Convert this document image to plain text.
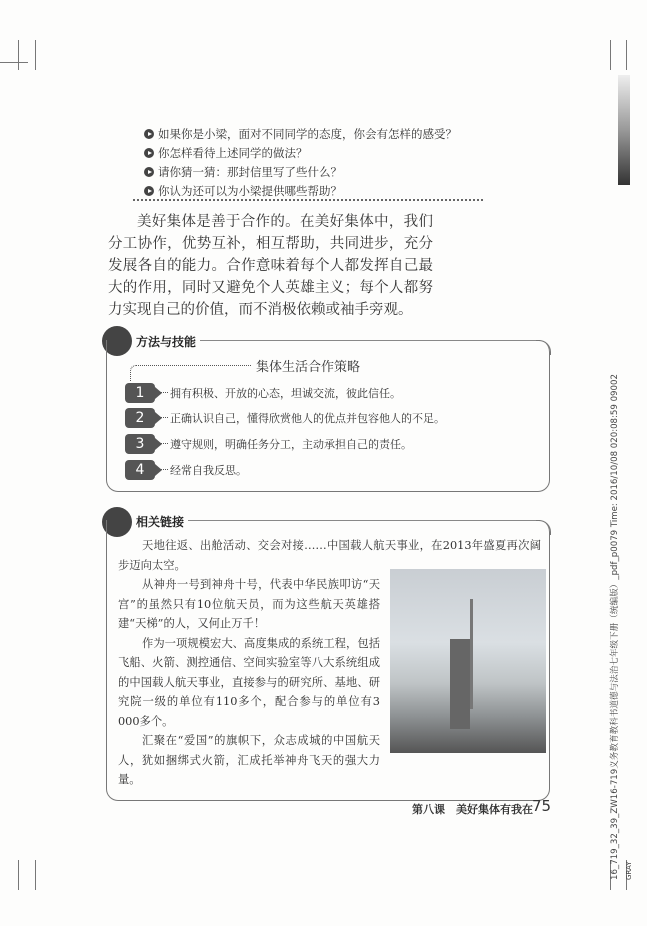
如果你是小梁，面对不同同学的态度，你会有怎样的感受？
你怎样看待上述同学的做法？
请你猜一猜：那封信里写了些什么？
你认为还可以为小梁提供哪些帮助？
美好集体是善于合作的。在美好集体中，我们分工协作，优势互补，相互帮助，共同进步，充分发展各自的能力。合作意味着每个人都发挥自己最大的作用，同时又避免个人英雄主义；每个人都努力实现自己的价值，而不消极依赖或袖手旁观。
方法与技能
集体生活合作策略
1	拥有积极、开放的心态，坦诚交流，彼此信任。
2	正确认识自己，懂得欣赏他人的优点并包容他人的不足。
3	遵守规则，明确任务分工，主动承担自己的责任。
4	经常自我反思。
相关链接

天地往返、出舱活动、交会对接……中国载人航天事业，在2013年盛夏再次阔步迈向太空。

从神舟一号到神舟十号，代表中华民族叩访“天宫”的虽然只有10位航天员，而为这些航天英雄搭建“天梯”的人，又何止万千！

作为一项规模宏大、高度集成的系统工程，包括飞船、火箭、测控通信、空间实验室等八大系统组成的中国载人航天事业，直接参与的研究所、基地、研究院一级的单位有110多个，配合参与的单位有3 000多个。

汇聚在“爱国”的旗帜下，众志成城的中国航天人，犹如捆绑式火箭，汇成托举神舟飞天的强大力量。

第八课　美好集体有我在 75	16_719_32_39_ZW16-719义务教育教科书道德与法治七年级下册（统编版）_pdf_p0079 Time: 2016/10/08 020:08:59 09002 GRAY
